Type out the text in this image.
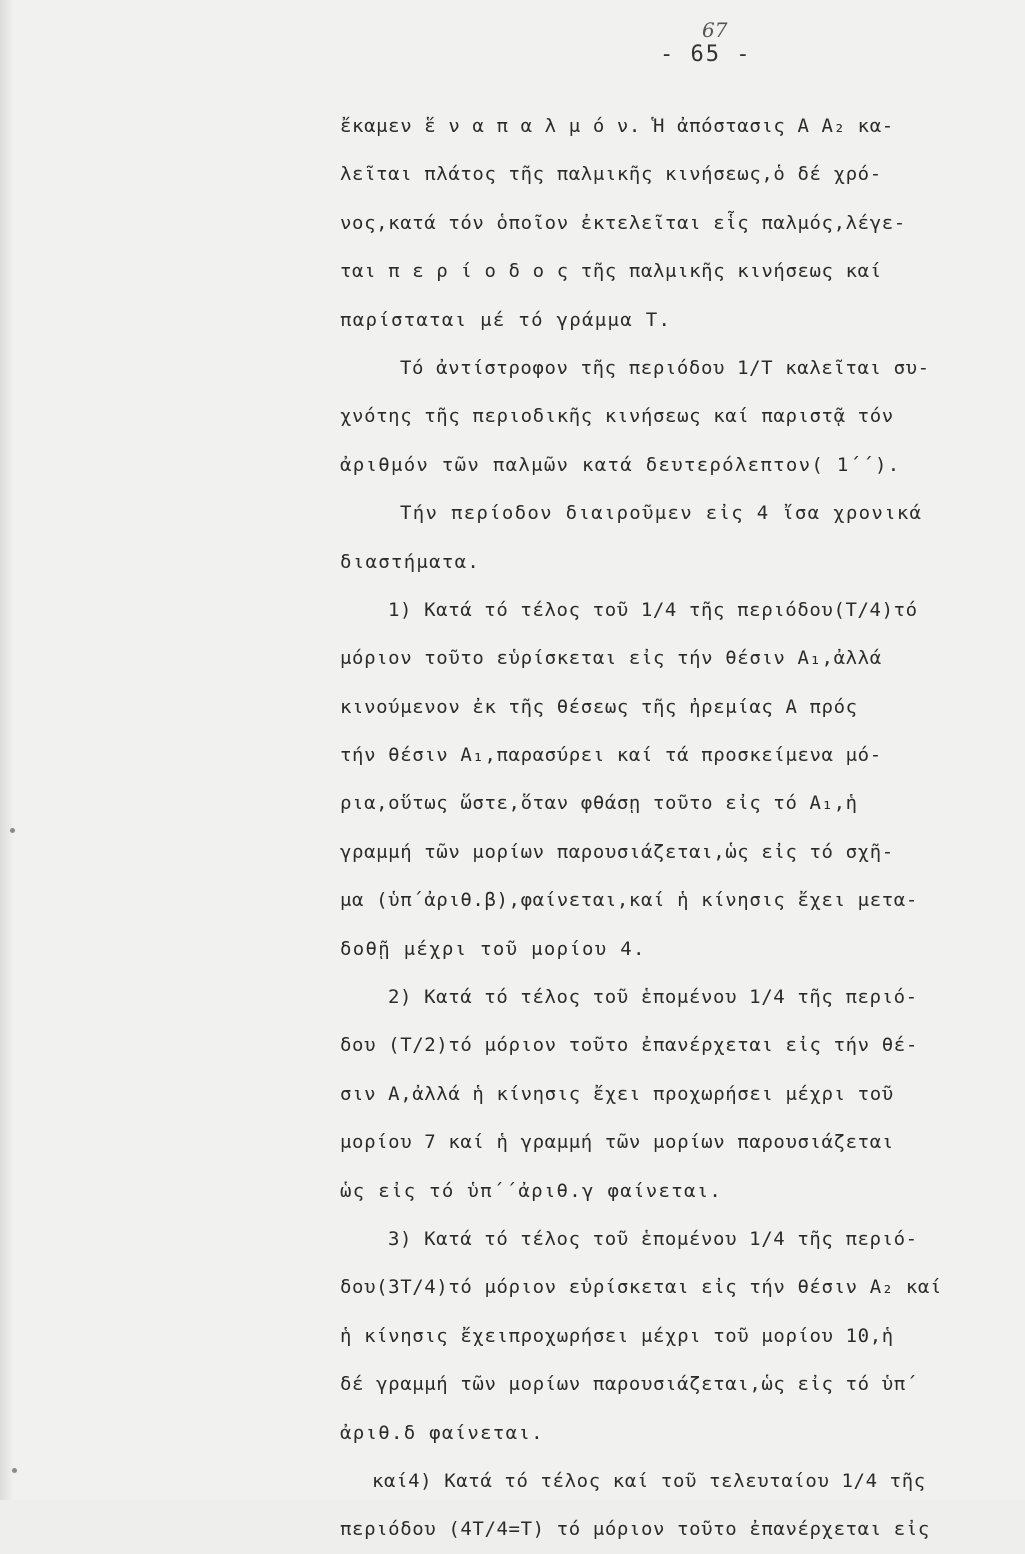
67
- 65 -
ἔκαμεν ἕ ν α π α λ μ ό ν. Ἡ ἀπόστασις Α Α₂ κα-
λεῖται πλάτος τῆς παλμικῆς κινήσεως,ὁ δέ χρό-
νος,κατά τόν ὁποῖον ἐκτελεῖται εἷς παλμός,λέγε-
ται π ε ρ ί ο δ ο ς τῆς παλμικῆς κινήσεως καί
παρίσταται μέ τό γράμμα Τ.
Τό ἀντίστροφον τῆς περιόδου 1/T καλεῖται συ-
χνότης τῆς περιοδικῆς κινήσεως καί παριστᾷ τόν
ἀριθμόν τῶν παλμῶν κατά δευτερόλεπτον( 1΄΄).
Τήν περίοδον διαιροῦμεν εἰς 4 ἴσα χρονικά
διαστήματα.
1) Κατά τό τέλος τοῦ 1/4 τῆς περιόδου(T/4)τό
μόριον τοῦτο εὑρίσκεται εἰς τήν θέσιν Α₁,ἀλλά
κινούμενον ἐκ τῆς θέσεως τῆς ἠρεμίας Α πρός
τήν θέσιν Α₁,παρασύρει καί τά προσκείμενα μό-
ρια,οὕτως ὥστε,ὅταν φθάσῃ τοῦτο εἰς τό Α₁,ἡ
γραμμή τῶν μορίων παρουσιάζεται,ὡς εἰς τό σχῆ-
μα (ὑπ΄ἀριθ.β),φαίνεται,καί ἡ κίνησις ἔχει μετα-
δοθῇ μέχρι τοῦ μορίου 4.
2) Κατά τό τέλος τοῦ ἑπομένου 1/4 τῆς περιό-
δου (T/2)τό μόριον τοῦτο ἐπανέρχεται εἰς τήν θέ-
σιν Α,ἀλλά ἡ κίνησις ἔχει προχωρήσει μέχρι τοῦ
μορίου 7 καί ἡ γραμμή τῶν μορίων παρουσιάζεται
ὡς εἰς τό ὑπ΄΄ἀριθ.γ φαίνεται.
3) Κατά τό τέλος τοῦ ἑπομένου 1/4 τῆς περιό-
δου(3T/4)τό μόριον εὑρίσκεται εἰς τήν θέσιν Α₂ καί
ἡ κίνησις ἔχειπροχωρήσει μέχρι τοῦ μορίου 10,ἡ
δέ γραμμή τῶν μορίων παρουσιάζεται,ὡς εἰς τό ὑπ΄
ἀριθ.δ φαίνεται.
καί4) Κατά τό τέλος καί τοῦ τελευταίου 1/4 τῆς
περιόδου (4T/4=T) τό μόριον τοῦτο ἐπανέρχεται εἰς
